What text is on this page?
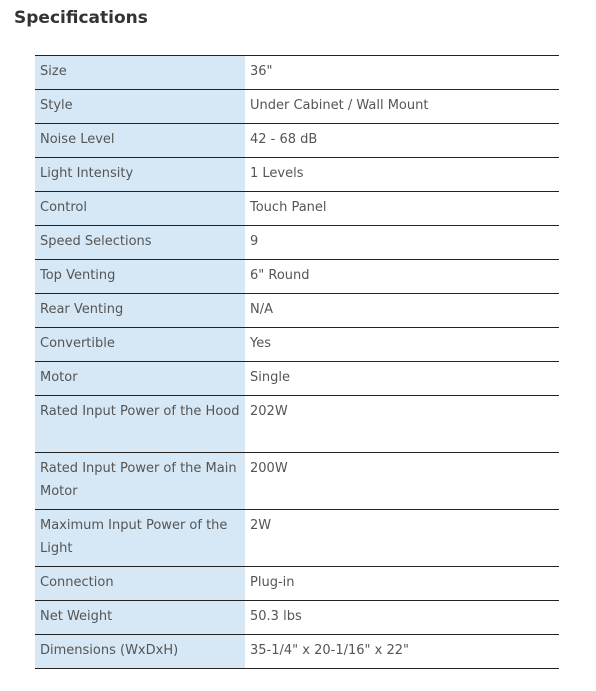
Specifications
Size	36"
Style	Under Cabinet / Wall Mount
Noise Level	42 - 68 dB
Light Intensity	1 Levels
Control	Touch Panel
Speed Selections	9
Top Venting	6" Round
Rear Venting	N/A
Convertible	Yes
Motor	Single
Rated Input Power of the Hood	202W
Rated Input Power of the Main Motor	200W
Maximum Input Power of the Light	2W
Connection	Plug-in
Net Weight	50.3 lbs
Dimensions (WxDxH)	35-1/4" x 20-1/16" x 22"
